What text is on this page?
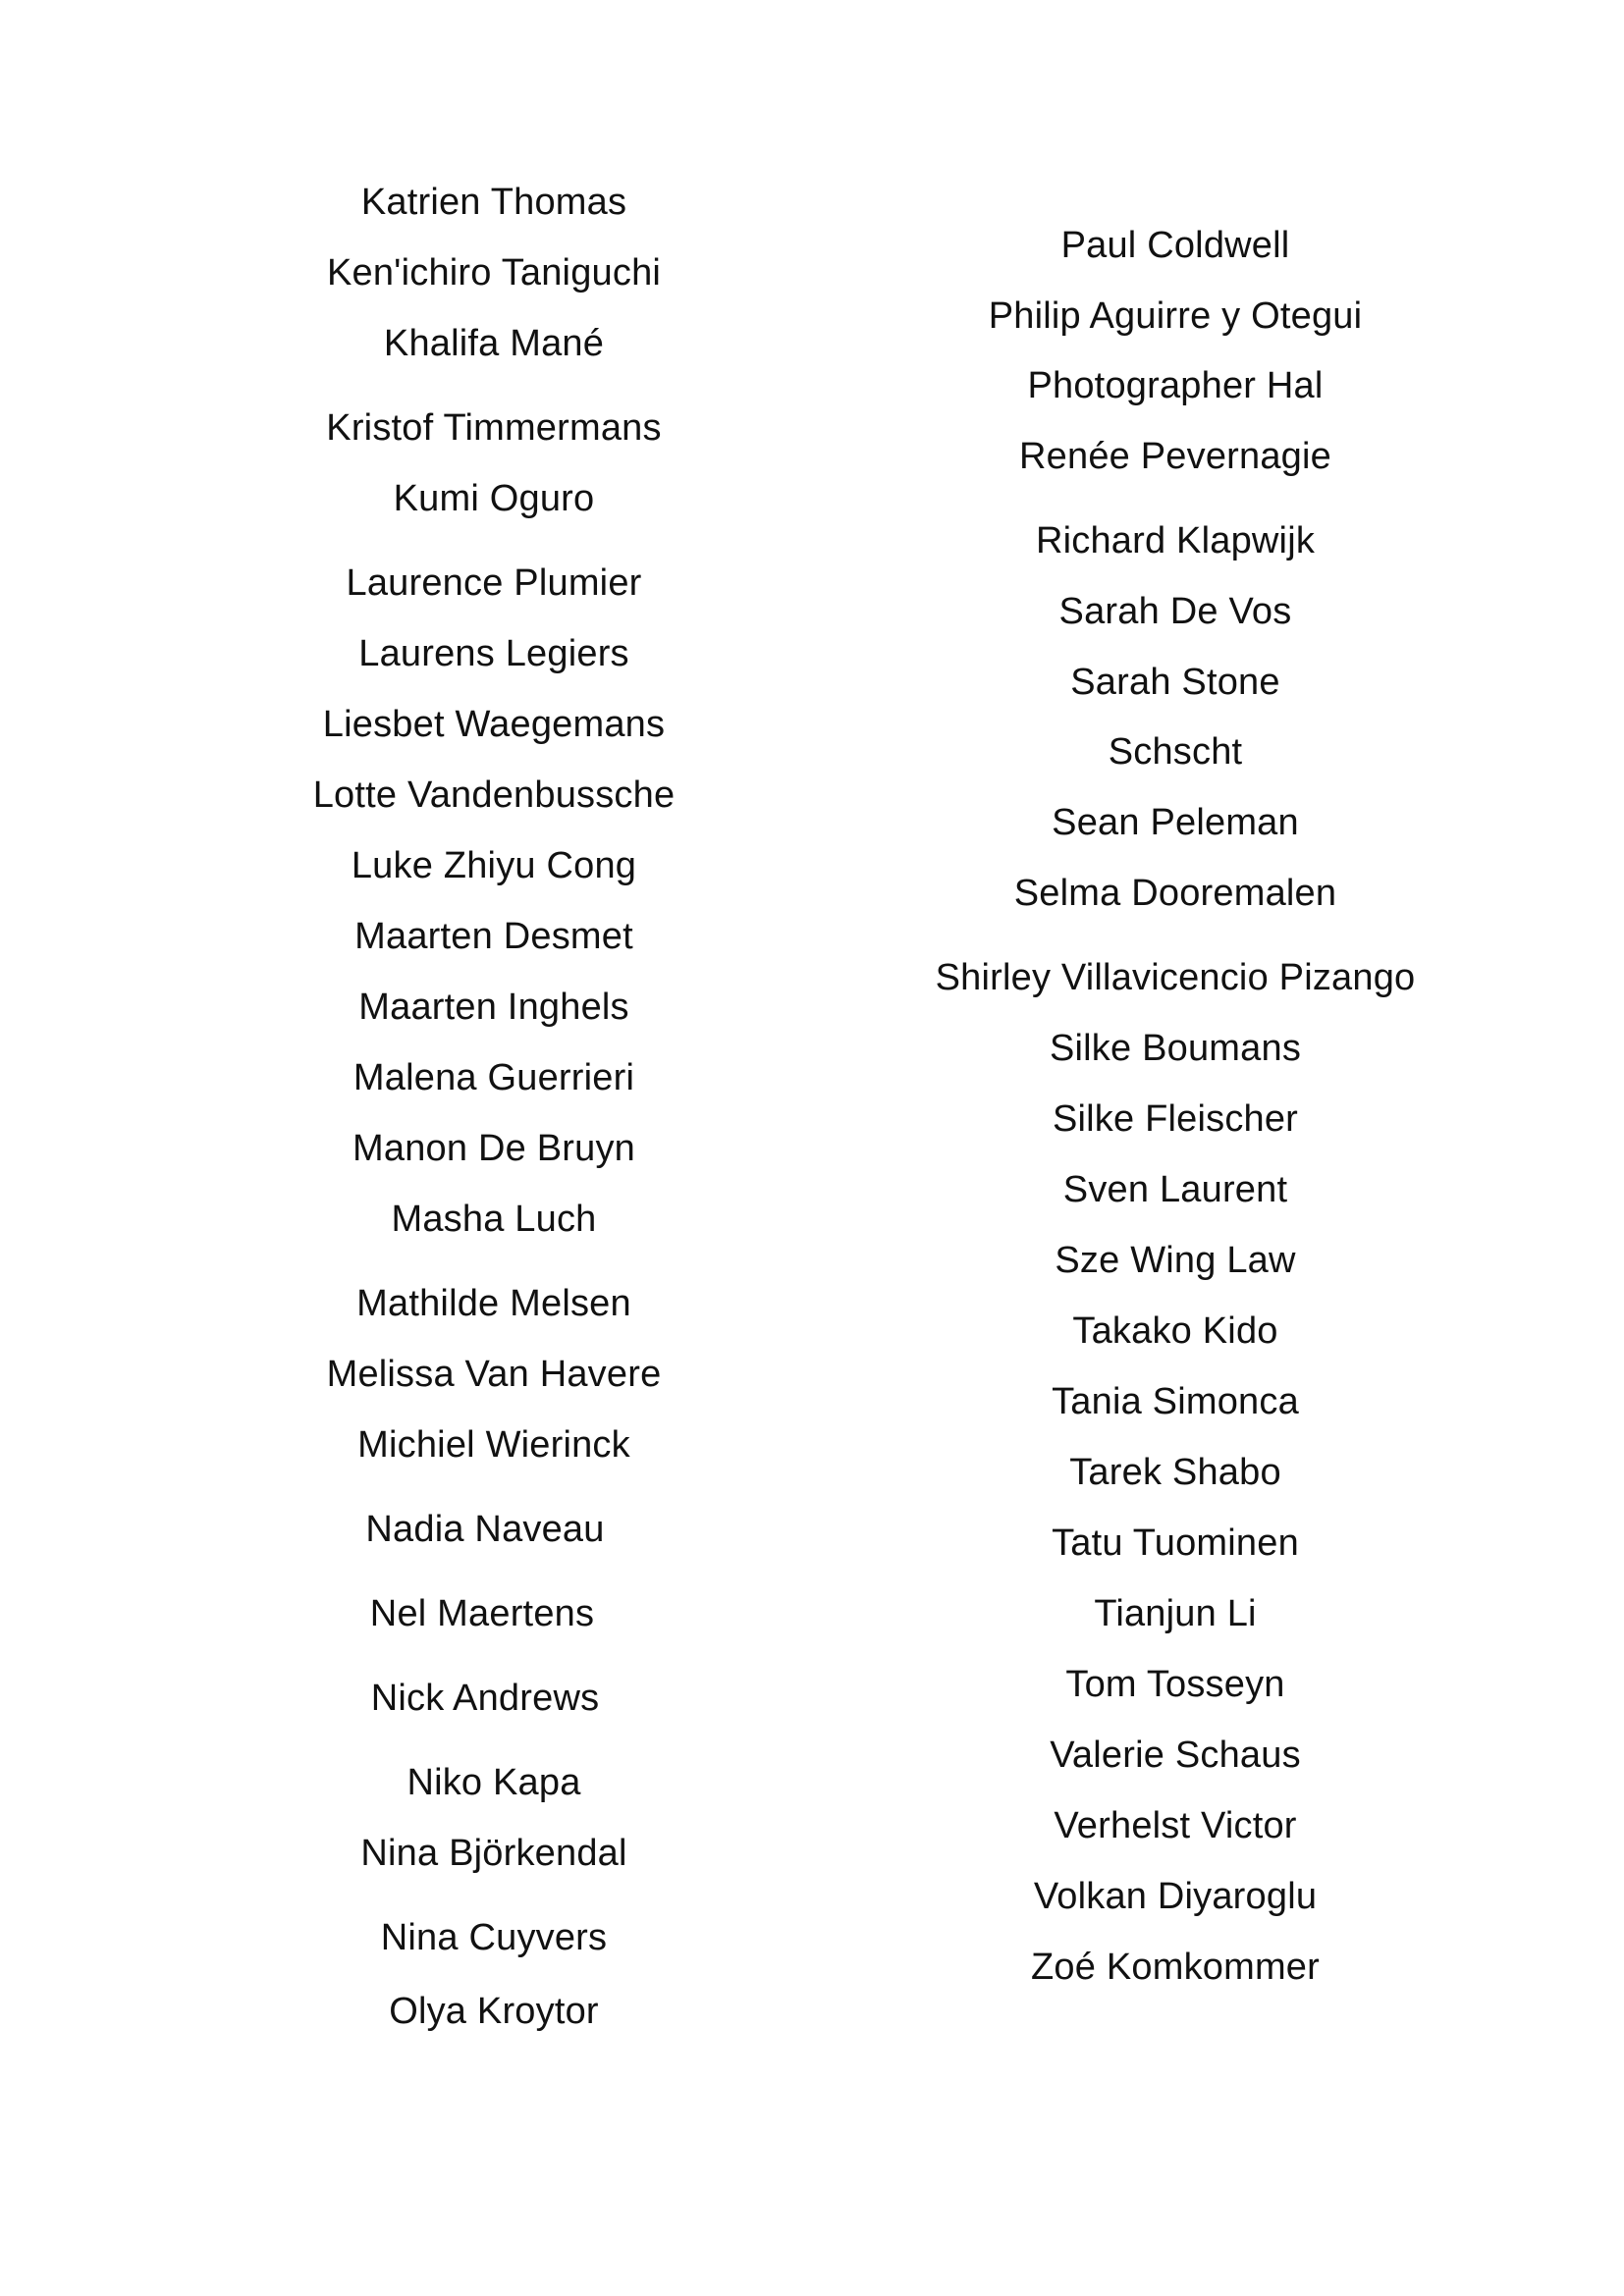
Katrien Thomas
Ken'ichiro Taniguchi
Khalifa Mané
Kristof Timmermans
Kumi Oguro
Laurence Plumier
Laurens Legiers
Liesbet Waegemans
Lotte Vandenbussche
Luke Zhiyu Cong
Maarten Desmet
Maarten Inghels
Malena Guerrieri
Manon De Bruyn
Masha Luch
Mathilde Melsen
Melissa Van Havere
Michiel Wierinck
Nadia Naveau
Nel Maertens
Nick Andrews
Niko Kapa
Nina Björkendal
Nina Cuyvers
Olya Kroytor
Paul Coldwell
Philip Aguirre y Otegui
Photographer Hal
Renée Pevernagie
Richard Klapwijk
Sarah De Vos
Sarah Stone
Schscht
Sean Peleman
Selma Dooremalen
Shirley Villavicencio Pizango
Silke Boumans
Silke Fleischer
Sven Laurent
Sze Wing Law
Takako Kido
Tania Simonca
Tarek Shabo
Tatu Tuominen
Tianjun Li
Tom Tosseyn
Valerie Schaus
Verhelst Victor
Volkan Diyaroglu
Zoé Komkommer
